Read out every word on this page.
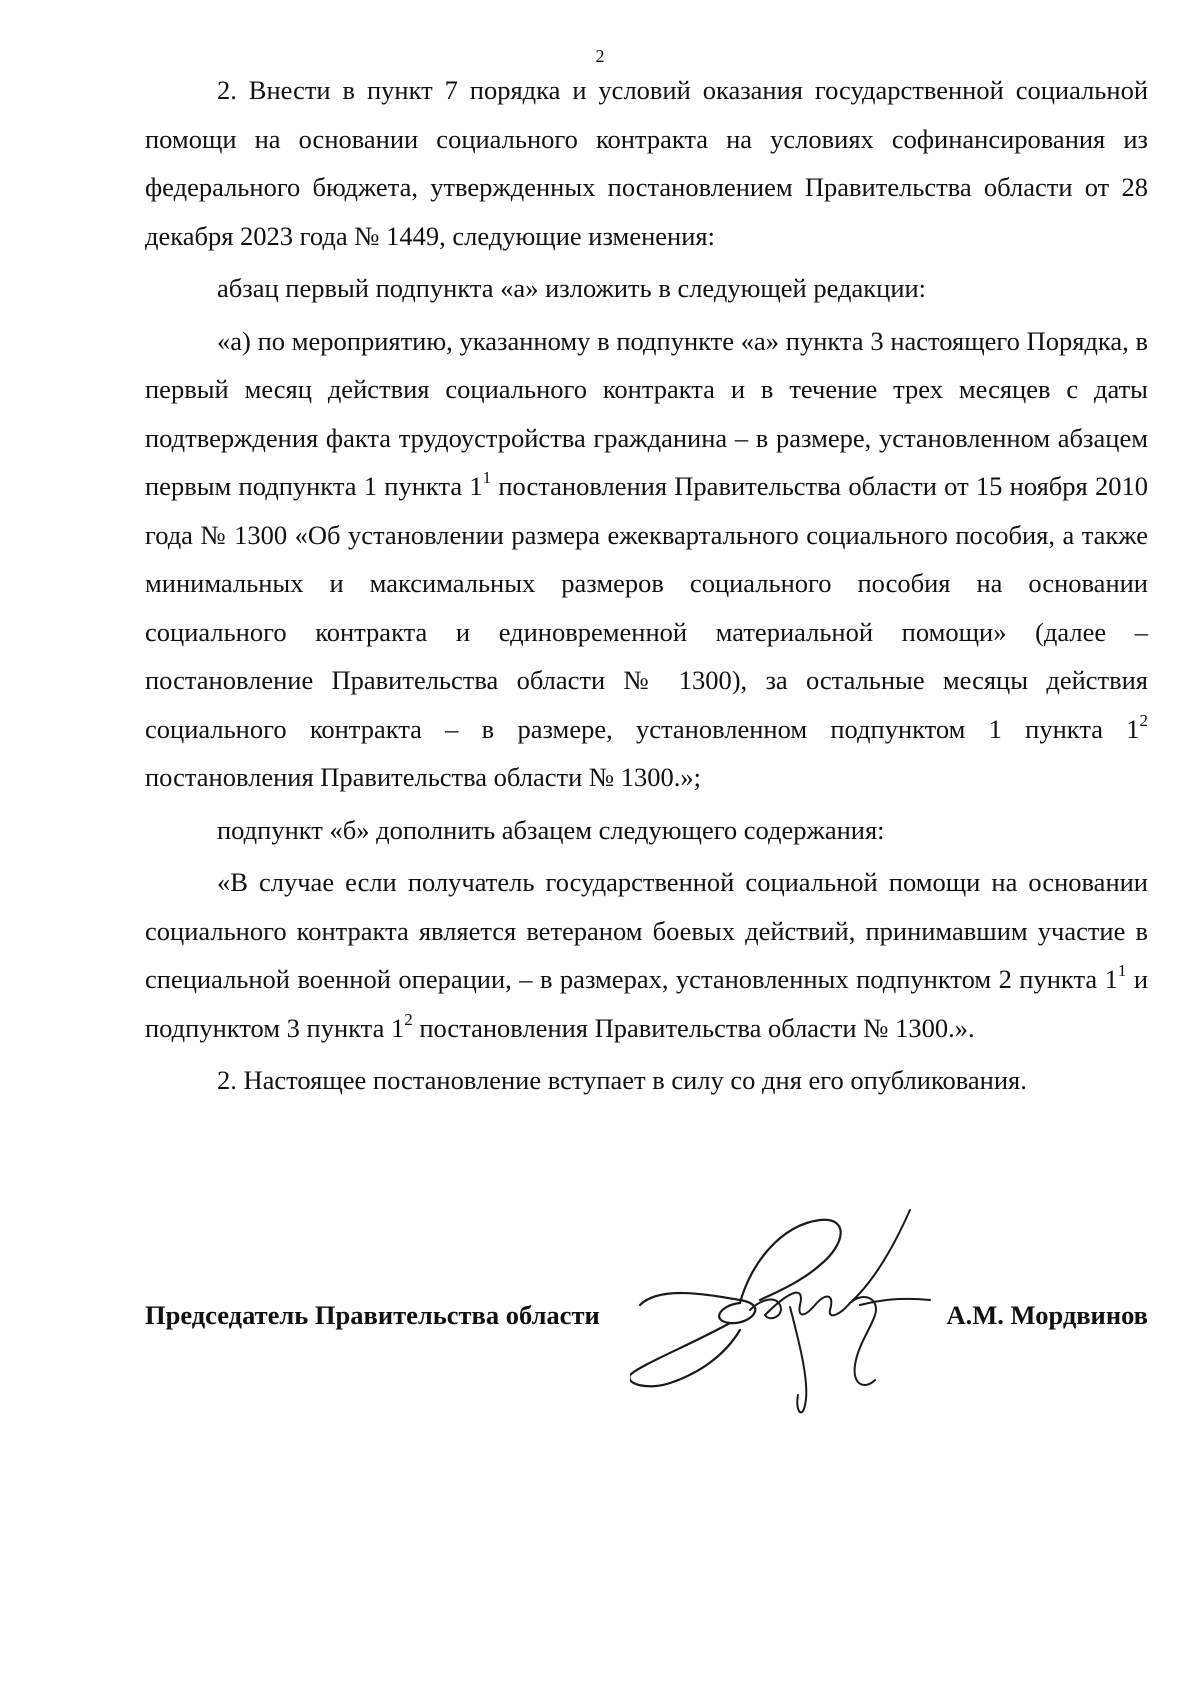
2

2. Внести в пункт 7 порядка и условий оказания государственной социальной помощи на основании социального контракта на условиях софинансирования из федерального бюджета, утвержденных постановлением Правительства области от 28 декабря 2023 года № 1449, следующие изменения:

абзац первый подпункта «а» изложить в следующей редакции:

«а) по мероприятию, указанному в подпункте «а» пункта 3 настоящего Порядка, в первый месяц действия социального контракта и в течение трех месяцев с даты подтверждения факта трудоустройства гражданина – в размере, установленном абзацем первым подпункта 1 пункта $1^1$ постановления Правительства области от 15 ноября 2010 года № 1300 «Об установлении размера ежеквартального социального пособия, а также минимальных и максимальных размеров социального пособия на основании социального контракта и единовременной материальной помощи» (далее – постановление Правительства области № 1300), за остальные месяцы действия социального контракта – в размере, установленном подпунктом 1 пункта $1^2$ постановления Правительства области № 1300.»;

подпункт «б» дополнить абзацем следующего содержания:

«В случае если получатель государственной социальной помощи на основании социального контракта является ветераном боевых действий, принимавшим участие в специальной военной операции, – в размерах, установленных подпунктом 2 пункта $1^1$ и подпунктом 3 пункта $1^2$ постановления Правительства области № 1300.».

2. Настоящее постановление вступает в силу со дня его опубликования.

Председатель Правительства области	А.М. Мордвинов
